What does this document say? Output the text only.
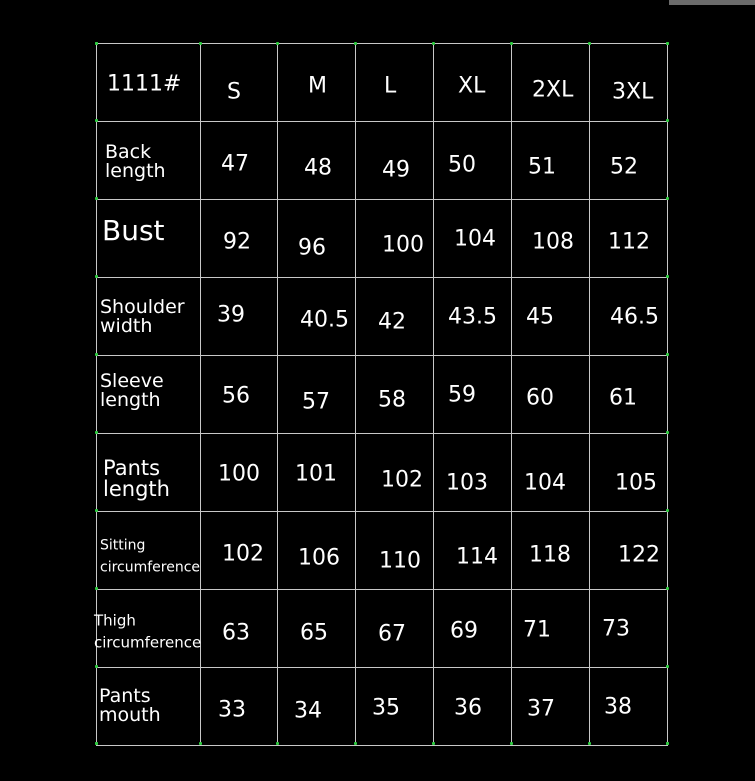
1111#	S	M	L	XL	2XL	3XL

Back
length	47	48	49	50	51	52

Bust	92	96	100	104	108	112

Shoulder
width	39	40.5	42	43.5	45	46.5

Sleeve
length	56	57	58	59	60	61

Pants
length	100	101	102	103	104	105

Sitting
circumference	102	106	110	114	118	122

Thigh
circumference	63	65	67	69	71	73

Pants
mouth	33	34	35	36	37	38
